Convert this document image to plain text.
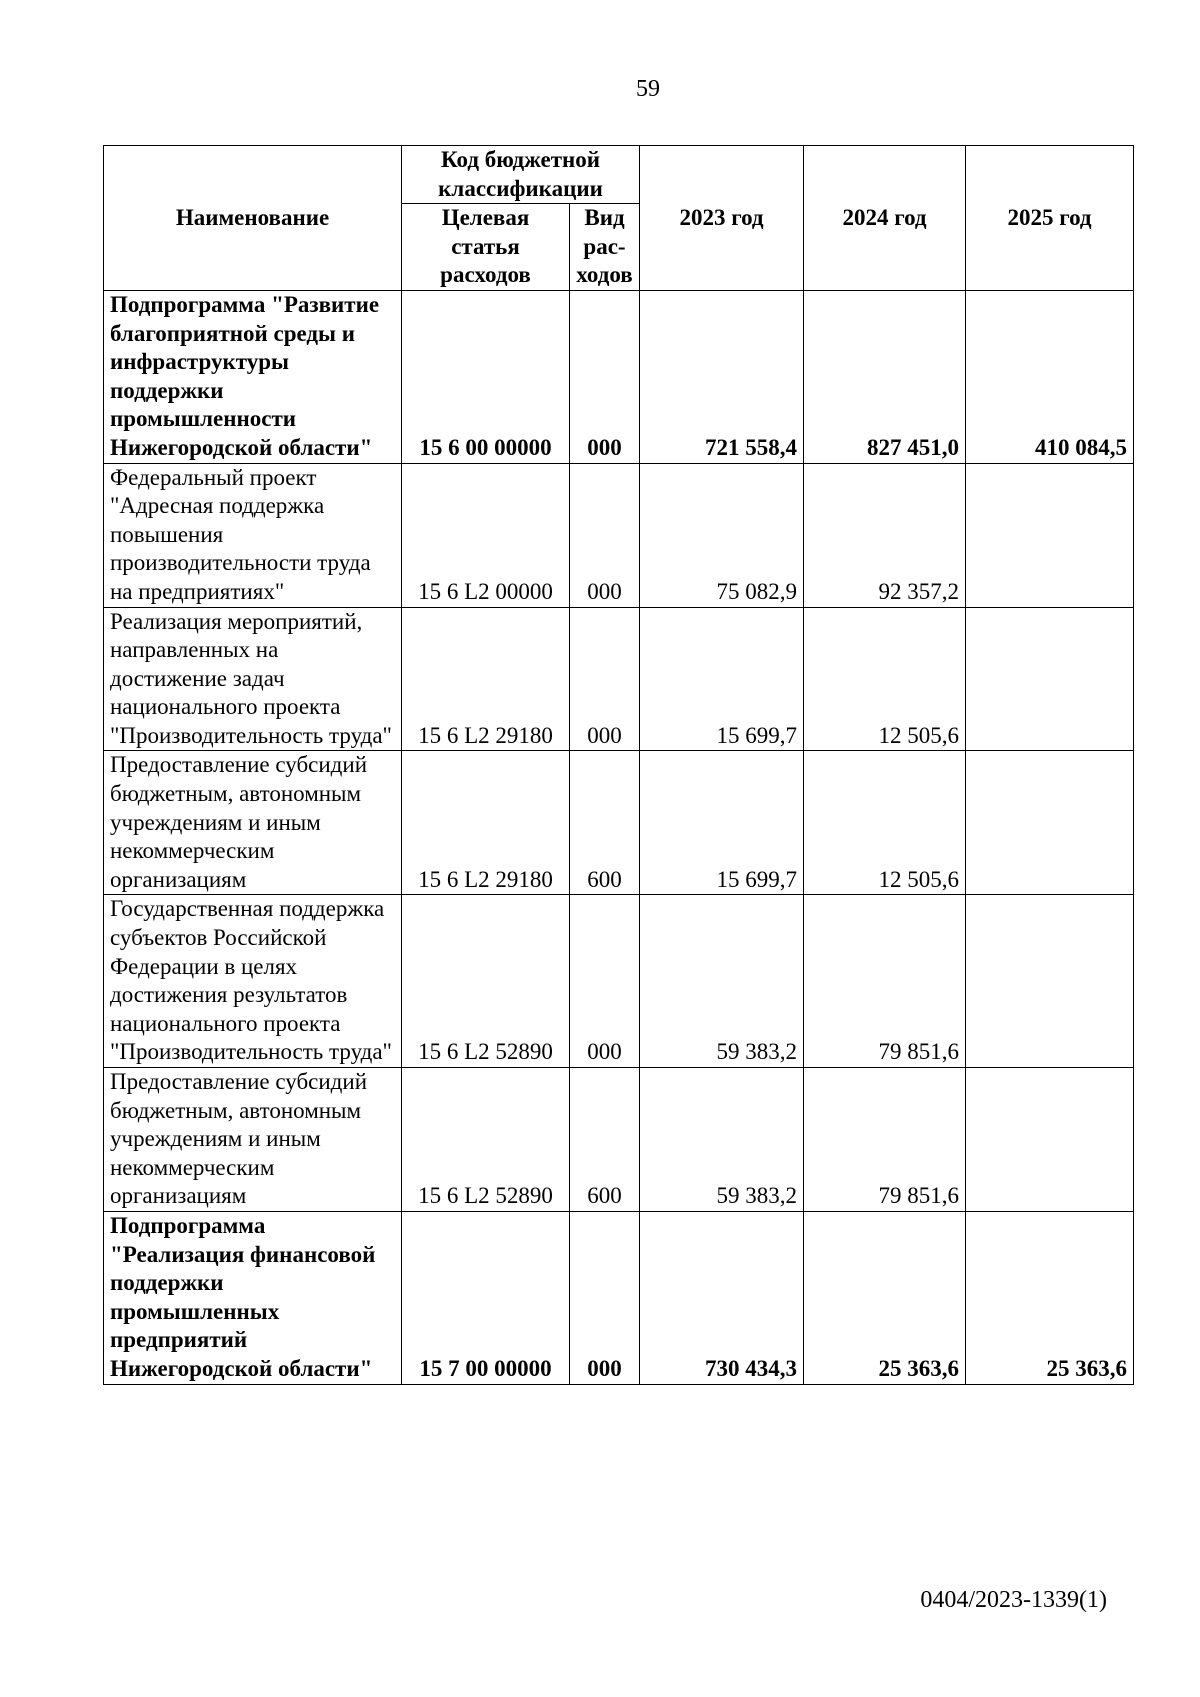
59
Наименование	Код бюджетной классификации		2023 год	2024 год	2025 год
	Целевая статья расходов	Вид рас-ходов			
Подпрограмма "Развитие благоприятной среды и инфраструктуры поддержки промышленности Нижегородской области"	15 6 00 00000	000	721 558,4	827 451,0	410 084,5
Федеральный проект "Адресная поддержка повышения производительности труда на предприятиях"	15 6 L2 00000	000	75 082,9	92 357,2	
Реализация мероприятий, направленных на достижение задач национального проекта "Производительность труда"	15 6 L2 29180	000	15 699,7	12 505,6	
Предоставление субсидий бюджетным, автономным учреждениям и иным некоммерческим организациям	15 6 L2 29180	600	15 699,7	12 505,6	
Государственная поддержка субъектов Российской Федерации в целях достижения результатов национального проекта "Производительность труда"	15 6 L2 52890	000	59 383,2	79 851,6	
Предоставление субсидий бюджетным, автономным учреждениям и иным некоммерческим организациям	15 6 L2 52890	600	59 383,2	79 851,6	
Подпрограмма "Реализация финансовой поддержки промышленных предприятий Нижегородской области"	15 7 00 00000	000	730 434,3	25 363,6	25 363,6
0404/2023-1339(1)
